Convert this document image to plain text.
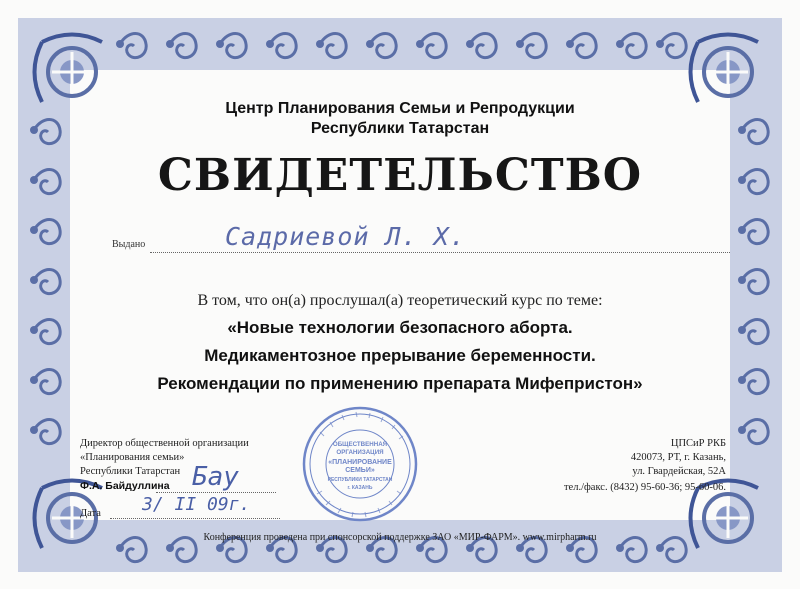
Центр Планирования Семьи и Репродукции
Республики Татарстан
СВИДЕТЕЛЬСТВО
Выдано	Садриевой Л. Х.
В том, что он(а) прослушал(а) теоретический курс по теме:
«Новые технологии безопасного аборта.
Медикаментозное прерывание беременности.
Рекомендации по применению препарата Мифепристон»
Директор общественной организации
«Планирования семьи»
Республики Татарстан
Ф.А. Байдуллина Бау
Дата 3/ II 09г.
ЦПСиР РКБ
420073, РТ, г. Казань,
ул. Гвардейская, 52А
тел./факс. (8432) 95-60-36; 95-60-06.
ОБЩЕСТВЕННАЯ
ОРГАНИЗАЦИЯ
«ПЛАНИРОВАНИЕ
СЕМЬИ»
РЕСПУБЛИКИ ТАТАРСТАН
г. КАЗАНЬ
Конференция проведена при спонсорской поддержке ЗАО «МИР-ФАРМ». www.mirpharm.ru
